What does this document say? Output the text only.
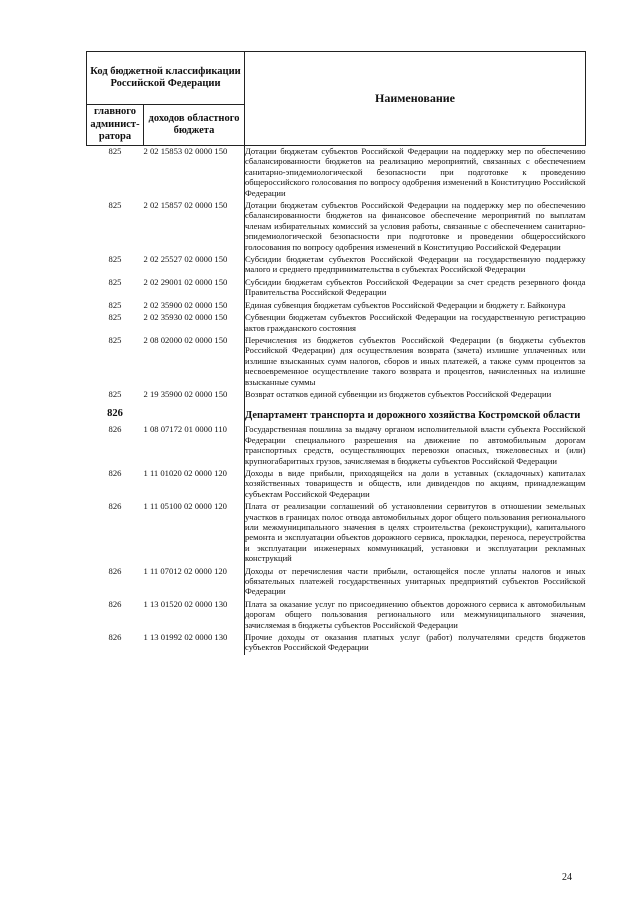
Код бюджетной классификации Российской Федерации		Наименование
главного админист-ратора	доходов областного бюджета	
825	2 02 15853 02 0000 150	Дотации бюджетам субъектов Российской Федерации на поддержку мер по обеспечению сбалансированности бюджетов на реализацию мероприятий, связанных с обеспечением санитарно-эпидемиологической безопасности при подготовке к проведению общероссийского голосования по вопросу одобрения изменений в Конституцию Российской Федерации
825	2 02 15857 02 0000 150	Дотации бюджетам субъектов Российской Федерации на поддержку мер по обеспечению сбалансированности бюджетов на финансовое обеспечение мероприятий по выплатам членам избирательных комиссий за условия работы, связанные с обеспечением санитарно-эпидемиологической безопасности при подготовке и проведении общероссийского голосования по вопросу одобрения изменений в Конституцию Российской Федерации
825	2 02 25527 02 0000 150	Субсидии бюджетам субъектов Российской Федерации на государственную поддержку малого и среднего предпринимательства в субъектах Российской Федерации
825	2 02 29001 02 0000 150	Субсидии бюджетам субъектов Российской Федерации за счет средств резервного фонда Правительства Российской Федерации
825	2 02 35900 02 0000 150	Единая субвенция бюджетам субъектов Российской Федерации и бюджету г. Байконура
825	2 02 35930 02 0000 150	Субвенции бюджетам субъектов Российской Федерации на государственную регистрацию актов гражданского состояния
825	2 08 02000 02 0000 150	Перечисления из бюджетов субъектов Российской Федерации (в бюджеты субъектов Российской Федерации) для осуществления возврата (зачета) излишне уплаченных или излишне взысканных сумм налогов, сборов и иных платежей, а также сумм процентов за несвоевременное осуществление такого возврата и процентов, начисленных на излишне взысканные суммы
825	2 19 35900 02 0000 150	Возврат остатков единой субвенции из бюджетов субъектов Российской Федерации
826		Департамент транспорта и дорожного хозяйства Костромской области
826	1 08 07172 01 0000 110	Государственная пошлина за выдачу органом исполнительной власти субъекта Российской Федерации специального разрешения на движение по автомобильным дорогам транспортных средств, осуществляющих перевозки опасных, тяжеловесных и (или) крупногабаритных грузов, зачисляемая в бюджеты субъектов Российской Федерации
826	1 11 01020 02 0000 120	Доходы в виде прибыли, приходящейся на доли в уставных (складочных) капиталах хозяйственных товариществ и обществ, или дивидендов по акциям, принадлежащим субъектам Российской Федерации
826	1 11 05100 02 0000 120	Плата от реализации соглашений об установлении сервитутов в отношении земельных участков в границах полос отвода автомобильных дорог общего пользования регионального или межмуниципального значения в целях строительства (реконструкции), капитального ремонта и эксплуатации объектов дорожного сервиса, прокладки, переноса, переустройства и эксплуатации инженерных коммуникаций, установки и эксплуатации рекламных конструкций
826	1 11 07012 02 0000 120	Доходы от перечисления части прибыли, остающейся после уплаты налогов и иных обязательных платежей государственных унитарных предприятий субъектов Российской Федерации
826	1 13 01520 02 0000 130	Плата за оказание услуг по присоединению объектов дорожного сервиса к автомобильным дорогам общего пользования регионального или межмуниципального значения, зачисляемая в бюджеты субъектов Российской Федерации
826	1 13 01992 02 0000 130	Прочие доходы от оказания платных услуг (работ) получателями средств бюджетов субъектов Российской Федерации
24
